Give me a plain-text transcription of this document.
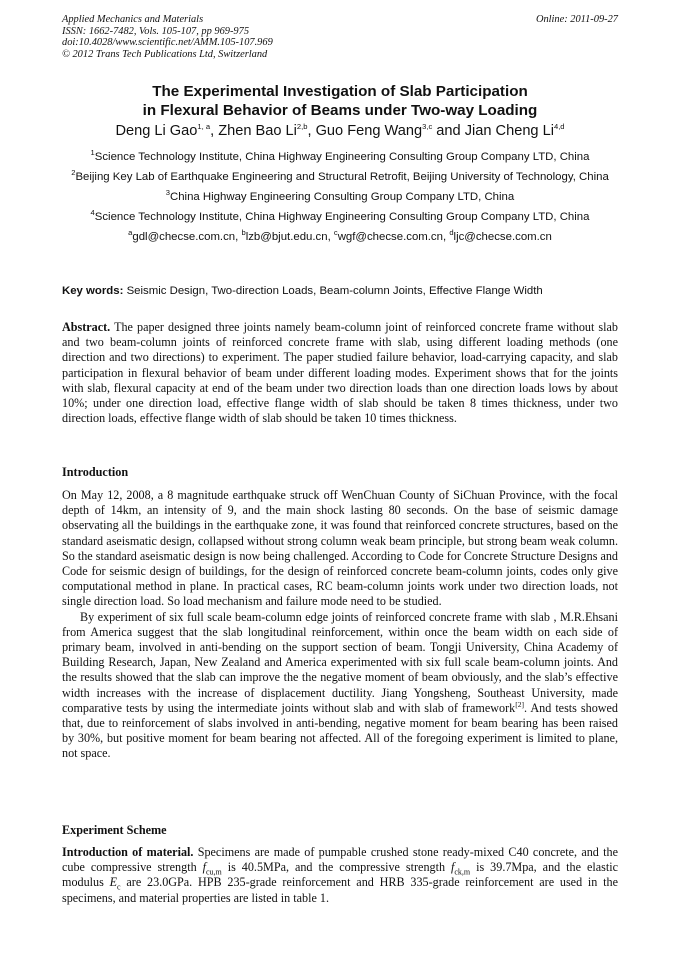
Applied Mechanics and Materials
ISSN: 1662-7482, Vols. 105-107, pp 969-975
doi:10.4028/www.scientific.net/AMM.105-107.969
© 2012 Trans Tech Publications Ltd, Switzerland
Online: 2011-09-27
The Experimental Investigation of Slab Participation
in Flexural Behavior of Beams under Two-way Loading
Deng Li Gao$^{1, a}$, Zhen Bao Li$^{2,b}$, Guo Feng Wang$^{3,c}$ and Jian Cheng Li$^{4,d}$
$^1$Science Technology Institute, China Highway Engineering Consulting Group Company LTD, China
$^2$Beijing Key Lab of Earthquake Engineering and Structural Retrofit, Beijing University of Technology, China
$^3$China Highway Engineering Consulting Group Company LTD, China
$^4$Science Technology Institute, China Highway Engineering Consulting Group Company LTD, China
$^a$gdl@checse.com.cn, $^b$lzb@bjut.edu.cn, $^c$wgf@checse.com.cn, $^d$ljc@checse.com.cn
Key words: Seismic Design, Two-direction Loads, Beam-column Joints, Effective Flange Width
Abstract. The paper designed three joints namely beam-column joint of reinforced concrete frame without slab and two beam-column joints of reinforced concrete frame with slab, using different loading methods (one direction and two directions) to experiment. The paper studied failure behavior, load-carrying capacity, and slab participation in flexural behavior of beam under different loading modes. Experiment shows that for the joints with slab, flexural capacity at end of the beam under two direction loads than one direction loads lows by about 10%; under one direction load, effective flange width of slab should be taken 8 times thickness, under two direction loads, effective flange width of slab should be taken 10 times thickness.
Introduction
On May 12, 2008, a 8 magnitude earthquake struck off WenChuan County of SiChuan Province, with the focal depth of 14km, an intensity of 9, and the main shock lasting 80 seconds. On the base of seismic damage observating all the buildings in the earthquake zone, it was found that reinforced concrete structures, based on the standard aseismatic design, collapsed without strong column weak beam principle, but strong beam weak column. So the standard aseismatic design is now being challenged. According to Code for Concrete Structure Designs and Code for seismic design of buildings, for the design of reinforced concrete beam-column joints, codes only give computational method in plane. In practical cases, RC beam-column joints work under two direction loads, not single direction load. So load mechanism and failure mode need to be studied.
By experiment of six full scale beam-column edge joints of reinforced concrete frame with slab , M.R.Ehsani from America suggest that the slab longitudinal reinforcement, within once the beam width on each side of primary beam, involved in anti-bending on the support section of beam. Tongji University, China Academy of Building Research, Japan, New Zealand and America experimented with six full scale beam-column joints. And the results showed that the slab can improve the the negative moment of beam obviously, and the slab’s effective width increases with the increase of displacement ductility. Jiang Yongsheng, Southeast University, made comparative tests by using the intermediate joints without slab and with slab of framework[2]. And tests showed that, due to reinforcement of slabs involved in anti-bending, negative moment for beam bearing has been raised by 30%, but positive moment for beam bearing not affected. All of the foregoing experiment is limited to plane, not space.
Experiment Scheme
Introduction of material. Specimens are made of pumpable crushed stone ready-mixed C40 concrete, and the cube compressive strength $f_{cu,m}$ is 40.5MPa, and the compressive strength $f_{ck,m}$ is 39.7Mpa, and the elastic modulus $E_c$ are 23.0GPa. HPB 235-grade reinforcement and HRB 335-grade reinforcement are used in the specimens, and material properties are listed in table 1.
